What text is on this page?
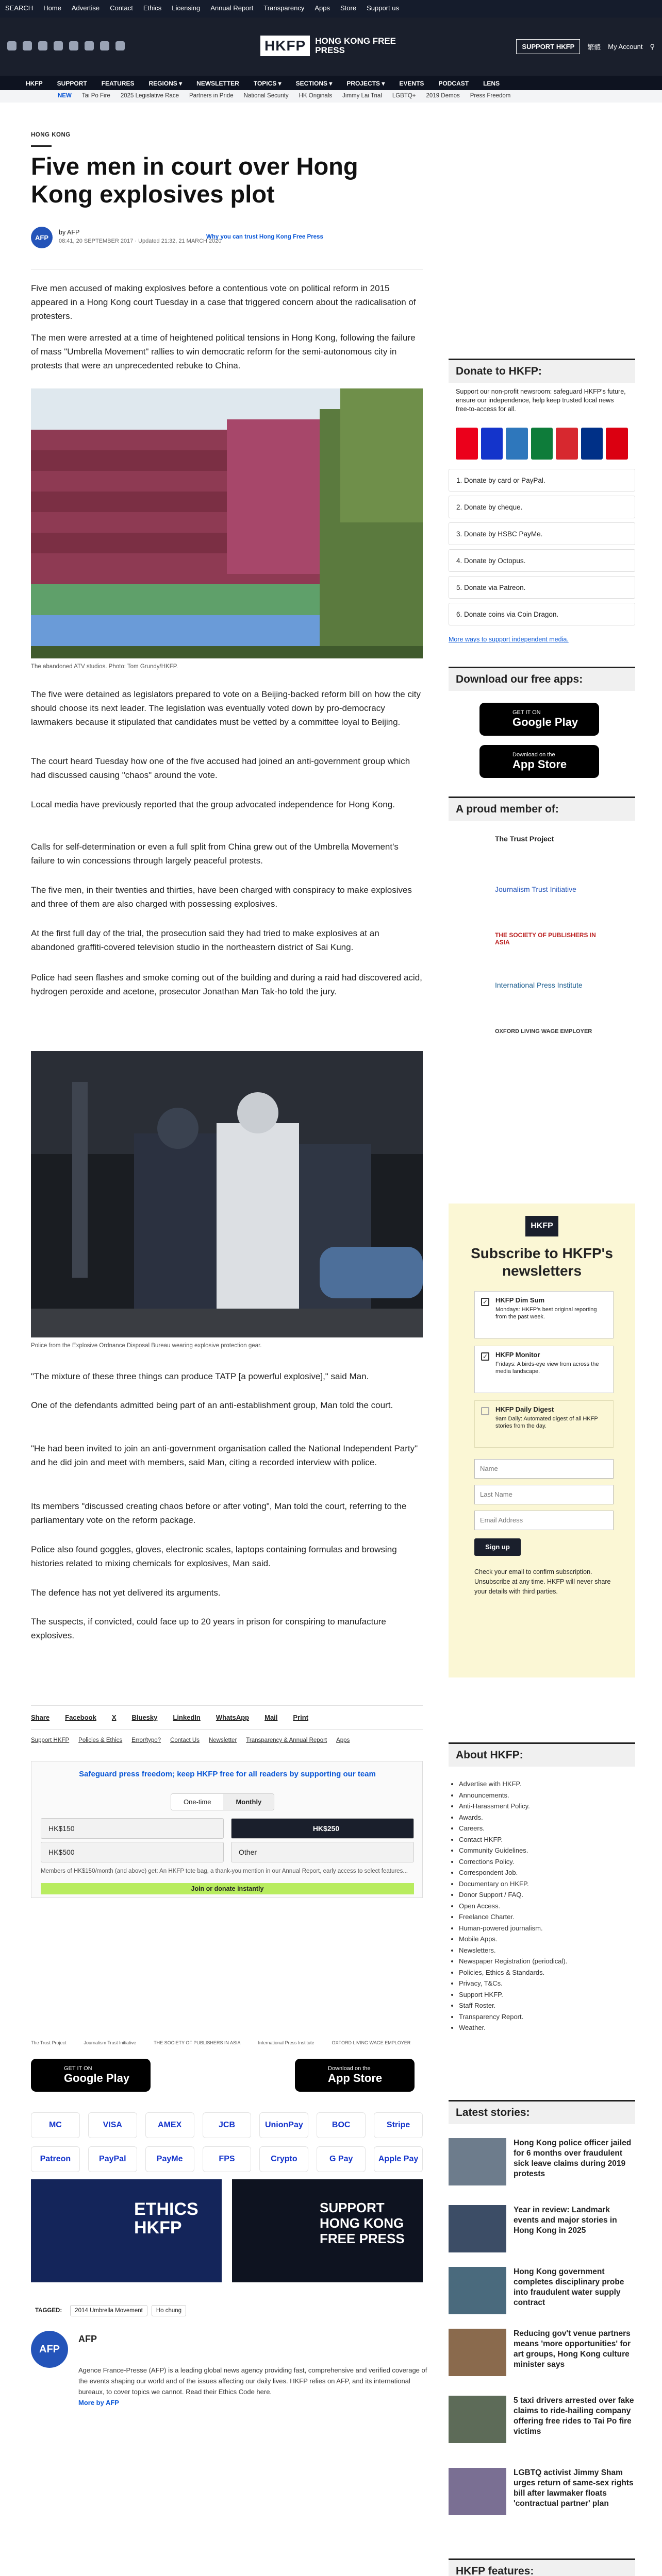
SEARCH Home Advertise Contact Ethics Licensing Annual Report Transparency Apps Store Support us
HKFP	HONG KONG FREE PRESS	SUPPORT HKFP	繁體 My Account ⚲
HKFP SUPPORT FEATURES REGIONS ▾ NEWSLETTER TOPICS ▾ SECTIONS ▾ PROJECTS ▾ EVENTS PODCAST LENS
NEW Tai Po Fire 2025 Legislative Race Partners in Pride National Security HK Originals Jimmy Lai Trial LGBTQ+ 2019 Demos Press Freedom
HONG KONG
Five men in court over Hong Kong explosives plot
AFP
by AFP
08:41, 20 SEPTEMBER 2017 · Updated 21:32, 21 MARCH 2020
Why you can trust Hong Kong Free Press
Five men accused of making explosives before a contentious vote on political reform in 2015 appeared in a Hong Kong court Tuesday in a case that triggered concern about the radicalisation of protesters.
The men were arrested at a time of heightened political tensions in Hong Kong, following the failure of mass "Umbrella Movement" rallies to win democratic reform for the semi-autonomous city in protests that were an unprecedented rebuke to China.
The abandoned ATV studios. Photo: Tom Grundy/HKFP.
The five were detained as legislators prepared to vote on a Beijing-backed reform bill on how the city should choose its next leader. The legislation was eventually voted down by pro-democracy lawmakers because it stipulated that candidates must be vetted by a committee loyal to Beijing.
The court heard Tuesday how one of the five accused had joined an anti-government group which had discussed causing "chaos" around the vote.
Local media have previously reported that the group advocated independence for Hong Kong.
Calls for self-determination or even a full split from China grew out of the Umbrella Movement's failure to win concessions through largely peaceful protests.
The five men, in their twenties and thirties, have been charged with conspiracy to make explosives and three of them are also charged with possessing explosives.
At the first full day of the trial, the prosecution said they had tried to make explosives at an abandoned graffiti-covered television studio in the northeastern district of Sai Kung.
Police had seen flashes and smoke coming out of the building and during a raid had discovered acid, hydrogen peroxide and acetone, prosecutor Jonathan Man Tak-ho told the jury.
Police from the Explosive Ordnance Disposal Bureau wearing explosive protection gear.
"The mixture of these three things can produce TATP [a powerful explosive]," said Man.
One of the defendants admitted being part of an anti-establishment group, Man told the court.
"He had been invited to join an anti-government organisation called the National Independent Party" and he did join and meet with members, said Man, citing a recorded interview with police.
Its members "discussed creating chaos before or after voting", Man told the court, referring to the parliamentary vote on the reform package.
Police also found goggles, gloves, electronic scales, laptops containing formulas and browsing histories related to mixing chemicals for explosives, Man said.
The defence has not yet delivered its arguments.
The suspects, if convicted, could face up to 20 years in prison for conspiring to manufacture explosives.
Share Facebook X Bluesky LinkedIn WhatsApp Mail Print
Support HKFP Policies & Ethics Error/typo? Contact Us Newsletter Transparency & Annual Report Apps
Safeguard press freedom; keep HKFP free for all readers by supporting our team
One-time	Monthly
HK$150	HK$250
HK$500	Other
Members of HK$150/month (and above) get: An HKFP tote bag, a thank-you mention in our Annual Report, early access to select features...
Join or donate instantly
The Trust Project	Journalism Trust Initiative	THE SOCIETY OF PUBLISHERS IN ASIA	International Press Institute	OXFORD LIVING WAGE EMPLOYER
GET IT ON
Google Play
Download on the
App Store
MC	VISA	AMEX	JCB	UnionPay	BOC	Stripe
Patreon	PayPal	PayMe	FPS	Crypto	G Pay	Apple Pay
ETHICS HKFP
SUPPORT HONG KONG FREE PRESS
TAGGED:	2014 Umbrella Movement	Ho chung
AFP
AFP
Agence France-Presse (AFP) is a leading global news agency providing fast, comprehensive and verified coverage of the events shaping our world and of the issues affecting our daily lives. HKFP relies on AFP, and its international bureaux, to cover topics we cannot. Read their Ethics Code here.
More by AFP
Donate to HKFP:
Support our non-profit newsroom: safeguard HKFP's future, ensure our independence, help keep trusted local news free-to-access for all.
1. Donate by card or PayPal.
2. Donate by cheque.
3. Donate by HSBC PayMe.
4. Donate by Octopus.
5. Donate via Patreon.
6. Donate coins via Coin Dragon.
More ways to support independent media.
Download our free apps:
GET IT ON
Google Play
Download on the
App Store
A proud member of:
The Trust Project
Journalism Trust Initiative
THE SOCIETY OF PUBLISHERS IN ASIA
International Press Institute
OXFORD LIVING WAGE EMPLOYER
HKFP
Subscribe to HKFP's newsletters
✓ HKFP Dim Sum
Mondays: HKFP's best original reporting from the past week.
✓ HKFP Monitor
Fridays: A birds-eye view from across the media landscape.
HKFP Daily Digest
9am Daily: Automated digest of all HKFP stories from the day.
Name
Last Name
Email Address
Sign up
Check your email to confirm subscription. Unsubscribe at any time. HKFP will never share your details with third parties.
About HKFP:
• Advertise with HKFP.
• Announcements.
• Anti-Harassment Policy.
• Awards.
• Careers.
• Contact HKFP.
• Community Guidelines.
• Corrections Policy.
• Correspondent Job.
• Documentary on HKFP.
• Donor Support / FAQ.
• Open Access.
• Freelance Charter.
• Human-powered journalism.
• Mobile Apps.
• Newsletters.
• Newspaper Registration (periodical).
• Policies, Ethics & Standards.
• Privacy, T&Cs.
• Support HKFP.
• Staff Roster.
• Transparency Report.
• Weather.
Latest stories:
Hong Kong police officer jailed for 6 months over fraudulent sick leave claims during 2019 protests
Year in review: Landmark events and major stories in Hong Kong in 2025
Hong Kong government completes disciplinary probe into fraudulent water supply contract
Reducing gov't venue partners means 'more opportunities' for art groups, Hong Kong culture minister says
5 taxi drivers arrested over fake claims to ride-hailing company offering free rides to Tai Po fire victims
LGBTQ activist Jimmy Sham urges return of same-sex rights bill after lawmaker floats 'contractual partner' plan
HKFP features:
